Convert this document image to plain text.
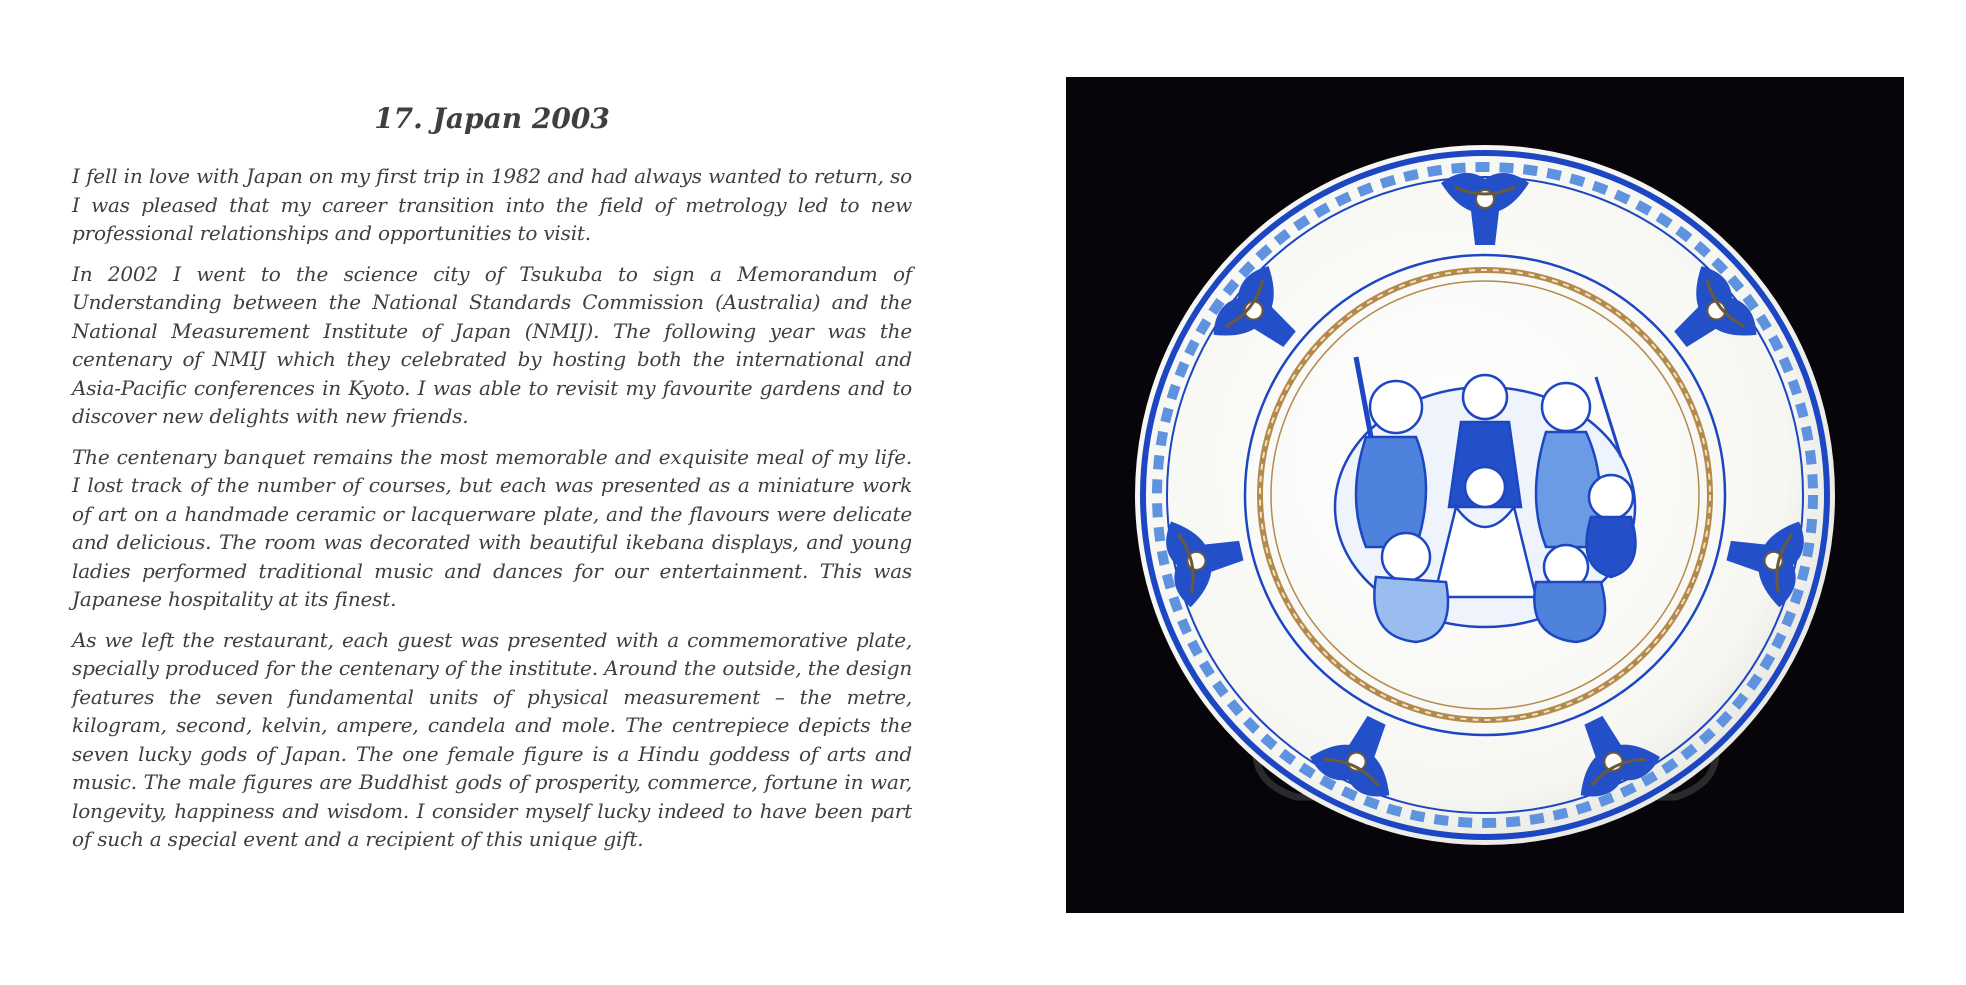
17. Japan 2003

I fell in love with Japan on my first trip in 1982 and had always wanted to return, so I was pleased that my career transition into the field of metrology led to new professional relationships and opportunities to visit.

In 2002 I went to the science city of Tsukuba to sign a Memorandum of Understanding between the National Standards Commission (Australia) and the National Measurement Institute of Japan (NMIJ). The following year was the centenary of NMIJ which they celebrated by hosting both the international and Asia-Pacific conferences in Kyoto. I was able to revisit my favourite gardens and to discover new delights with new friends.

The centenary banquet remains the most memorable and exquisite meal of my life. I lost track of the number of courses, but each was presented as a miniature work of art on a handmade ceramic or lacquerware plate, and the flavours were delicate and delicious. The room was decorated with beautiful ikebana displays, and young ladies performed traditional music and dances for our entertainment. This was Japanese hospitality at its finest.

As we left the restaurant, each guest was presented with a commemorative plate, specially produced for the centenary of the institute. Around the outside, the design features the seven fundamental units of physical measurement – the metre, kilogram, second, kelvin, ampere, candela and mole. The centrepiece depicts the seven lucky gods of Japan. The one female figure is a Hindu goddess of arts and music. The male figures are Buddhist gods of prosperity, commerce, fortune in war, longevity, happiness and wisdom. I consider myself lucky indeed to have been part of such a special event and a recipient of this unique gift.
